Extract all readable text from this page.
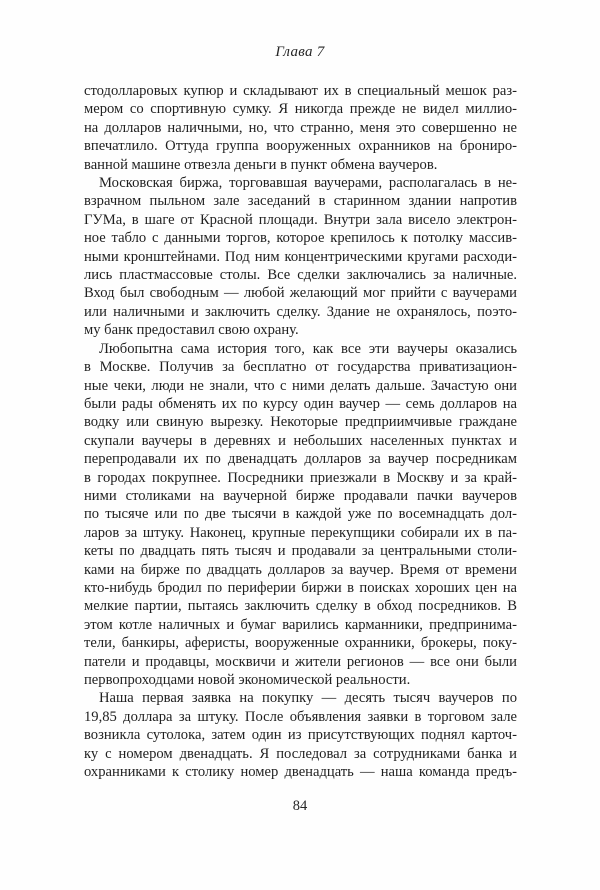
Глава 7
стодолларовых купюр и складывают их в специальный мешок раз-
мером со спортивную сумку. Я никогда прежде не видел миллио-
на долларов наличными, но, что странно, меня это совершенно не
впечатлило. Оттуда группа вооруженных охранников на брониро-
ванной машине отвезла деньги в пункт обмена ваучеров.
Московская биржа, торговавшая ваучерами, располагалась в не-
взрачном пыльном зале заседаний в старинном здании напротив
ГУМа, в шаге от Красной площади. Внутри зала висело электрон-
ное табло с данными торгов, которое крепилось к потолку массив-
ными кронштейнами. Под ним концентрическими кругами расходи-
лись пластмассовые столы. Все сделки заключались за наличные.
Вход был свободным — любой желающий мог прийти с ваучерами
или наличными и заключить сделку. Здание не охранялось, поэто-
му банк предоставил свою охрану.
Любопытна сама история того, как все эти ваучеры оказались
в Москве. Получив за бесплатно от государства приватизацион-
ные чеки, люди не знали, что с ними делать дальше. Зачастую они
были рады обменять их по курсу один ваучер — семь долларов на
водку или свиную вырезку. Некоторые предприимчивые граждане
скупали ваучеры в деревнях и небольших населенных пунктах и
перепродавали их по двенадцать долларов за ваучер посредникам
в городах покрупнее. Посредники приезжали в Москву и за край-
ними столиками на ваучерной бирже продавали пачки ваучеров
по тысяче или по две тысячи в каждой уже по восемнадцать дол-
ларов за штуку. Наконец, крупные перекупщики собирали их в па-
кеты по двадцать пять тысяч и продавали за центральными столи-
ками на бирже по двадцать долларов за ваучер. Время от времени
кто-нибудь бродил по периферии биржи в поисках хороших цен на
мелкие партии, пытаясь заключить сделку в обход посредников. В
этом котле наличных и бумаг варились карманники, предпринима-
тели, банкиры, аферисты, вооруженные охранники, брокеры, поку-
патели и продавцы, москвичи и жители регионов — все они были
первопроходцами новой экономической реальности.
Наша первая заявка на покупку — десять тысяч ваучеров по
19,85 доллара за штуку. После объявления заявки в торговом зале
возникла сутолока, затем один из присутствующих поднял карточ-
ку с номером двенадцать. Я последовал за сотрудниками банка и
охранниками к столику номер двенадцать — наша команда предъ-
84
